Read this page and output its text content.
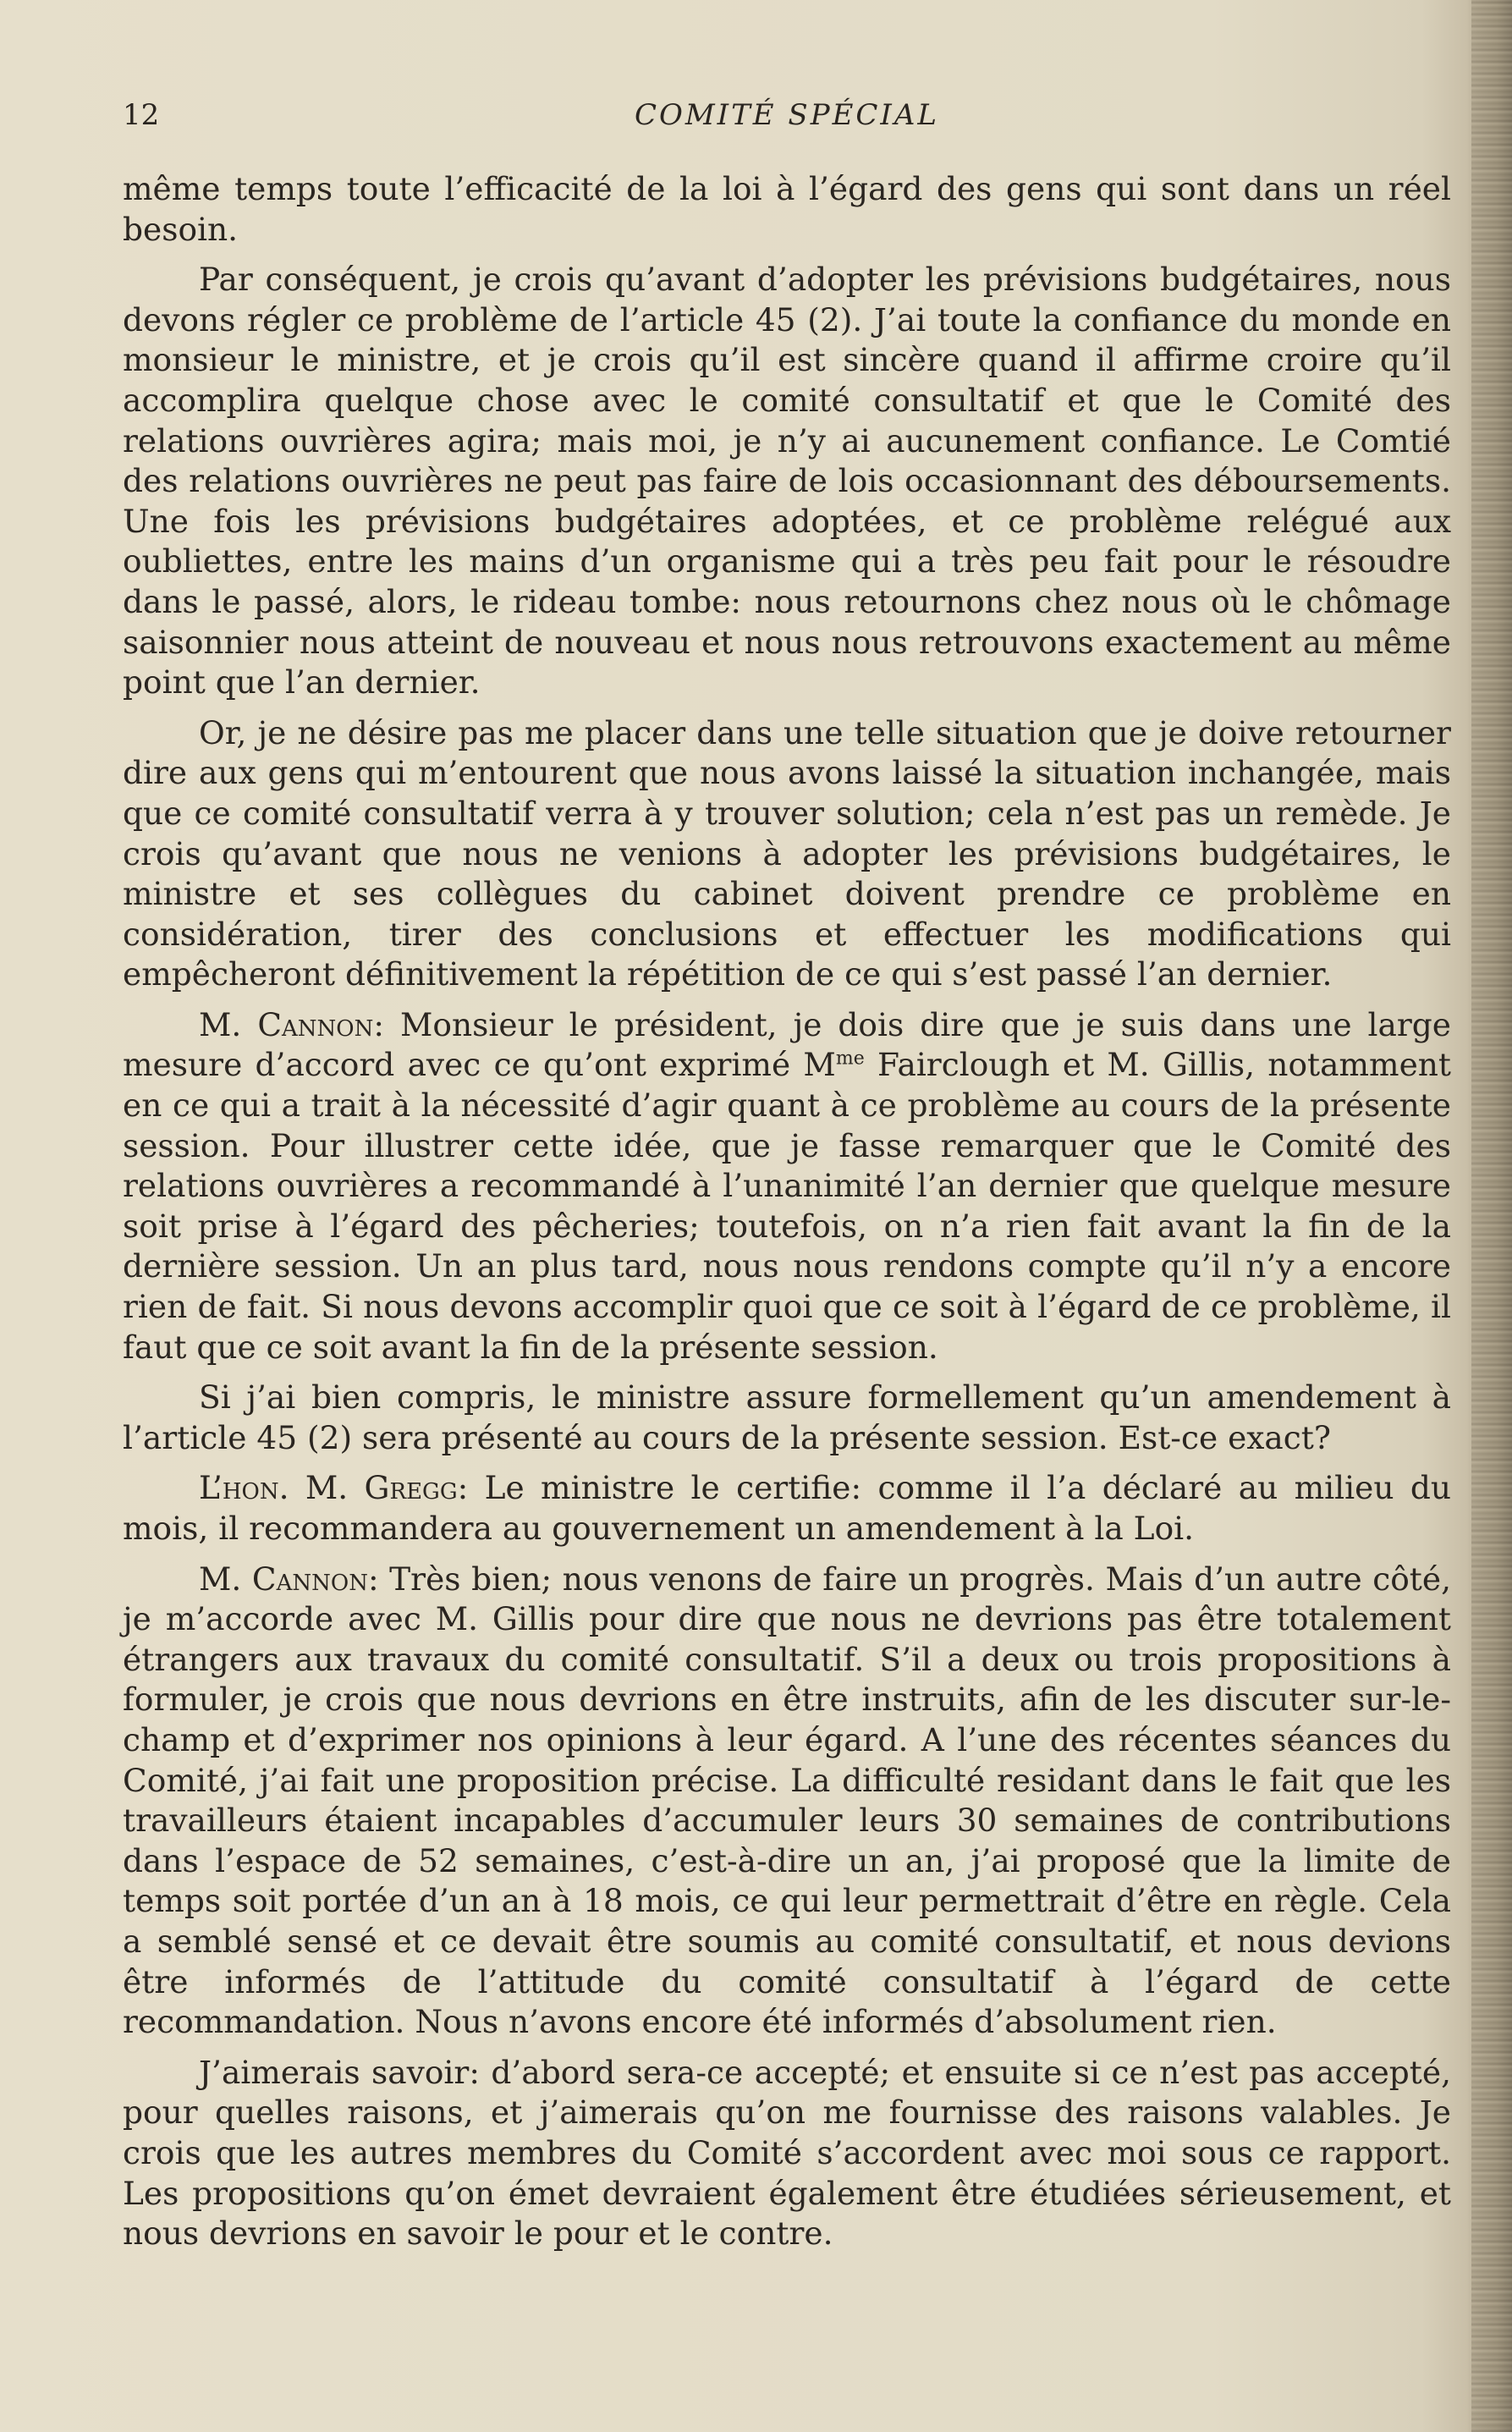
12	COMITÉ SPÉCIAL

même temps toute l’efficacité de la loi à l’égard des gens qui sont dans un réel besoin.

Par conséquent, je crois qu’avant d’adopter les prévisions budgétaires, nous devons régler ce problème de l’article 45 (2). J’ai toute la confiance du monde en monsieur le ministre, et je crois qu’il est sincère quand il affirme croire qu’il accomplira quelque chose avec le comité consultatif et que le Comité des relations ouvrières agira; mais moi, je n’y ai aucunement confiance. Le Comtié des relations ouvrières ne peut pas faire de lois occasionnant des déboursements. Une fois les prévisions budgétaires adoptées, et ce problème relégué aux oubliettes, entre les mains d’un organisme qui a très peu fait pour le résoudre dans le passé, alors, le rideau tombe: nous retournons chez nous où le chômage saisonnier nous atteint de nouveau et nous nous retrouvons exactement au même point que l’an dernier.

Or, je ne désire pas me placer dans une telle situation que je doive retourner dire aux gens qui m’entourent que nous avons laissé la situation inchangée, mais que ce comité consultatif verra à y trouver solution; cela n’est pas un remède. Je crois qu’avant que nous ne venions à adopter les prévisions budgétaires, le ministre et ses collègues du cabinet doivent prendre ce problème en considération, tirer des conclusions et effectuer les modifications qui empêcheront définitivement la répétition de ce qui s’est passé l’an dernier.

M. Cannon: Monsieur le président, je dois dire que je suis dans une large mesure d’accord avec ce qu’ont exprimé $M^{me}$ Fairclough et M. Gillis, notamment en ce qui a trait à la nécessité d’agir quant à ce problème au cours de la présente session. Pour illustrer cette idée, que je fasse remarquer que le Comité des relations ouvrières a recommandé à l’unanimité l’an dernier que quelque mesure soit prise à l’égard des pêcheries; toutefois, on n’a rien fait avant la fin de la dernière session. Un an plus tard, nous nous rendons compte qu’il n’y a encore rien de fait. Si nous devons accomplir quoi que ce soit à l’égard de ce problème, il faut que ce soit avant la fin de la présente session.

Si j’ai bien compris, le ministre assure formellement qu’un amendement à l’article 45 (2) sera présenté au cours de la présente session. Est-ce exact?

L’hon. M. Gregg: Le ministre le certifie: comme il l’a déclaré au milieu du mois, il recommandera au gouvernement un amendement à la Loi.

M. Cannon: Très bien; nous venons de faire un progrès. Mais d’un autre côté, je m’accorde avec M. Gillis pour dire que nous ne devrions pas être totalement étrangers aux travaux du comité consultatif. S’il a deux ou trois propositions à formuler, je crois que nous devrions en être instruits, afin de les discuter sur-le-champ et d’exprimer nos opinions à leur égard. A l’une des récentes séances du Comité, j’ai fait une proposition précise. La difficulté residant dans le fait que les travailleurs étaient incapables d’accumuler leurs 30 semaines de contributions dans l’espace de 52 semaines, c’est-à-dire un an, j’ai proposé que la limite de temps soit portée d’un an à 18 mois, ce qui leur permettrait d’être en règle. Cela a semblé sensé et ce devait être soumis au comité consultatif, et nous devions être informés de l’attitude du comité consultatif à l’égard de cette recommandation. Nous n’avons encore été informés d’absolument rien.

J’aimerais savoir: d’abord sera-ce accepté; et ensuite si ce n’est pas accepté, pour quelles raisons, et j’aimerais qu’on me fournisse des raisons valables. Je crois que les autres membres du Comité s’accordent avec moi sous ce rapport. Les propositions qu’on émet devraient également être étudiées sérieusement, et nous devrions en savoir le pour et le contre.
